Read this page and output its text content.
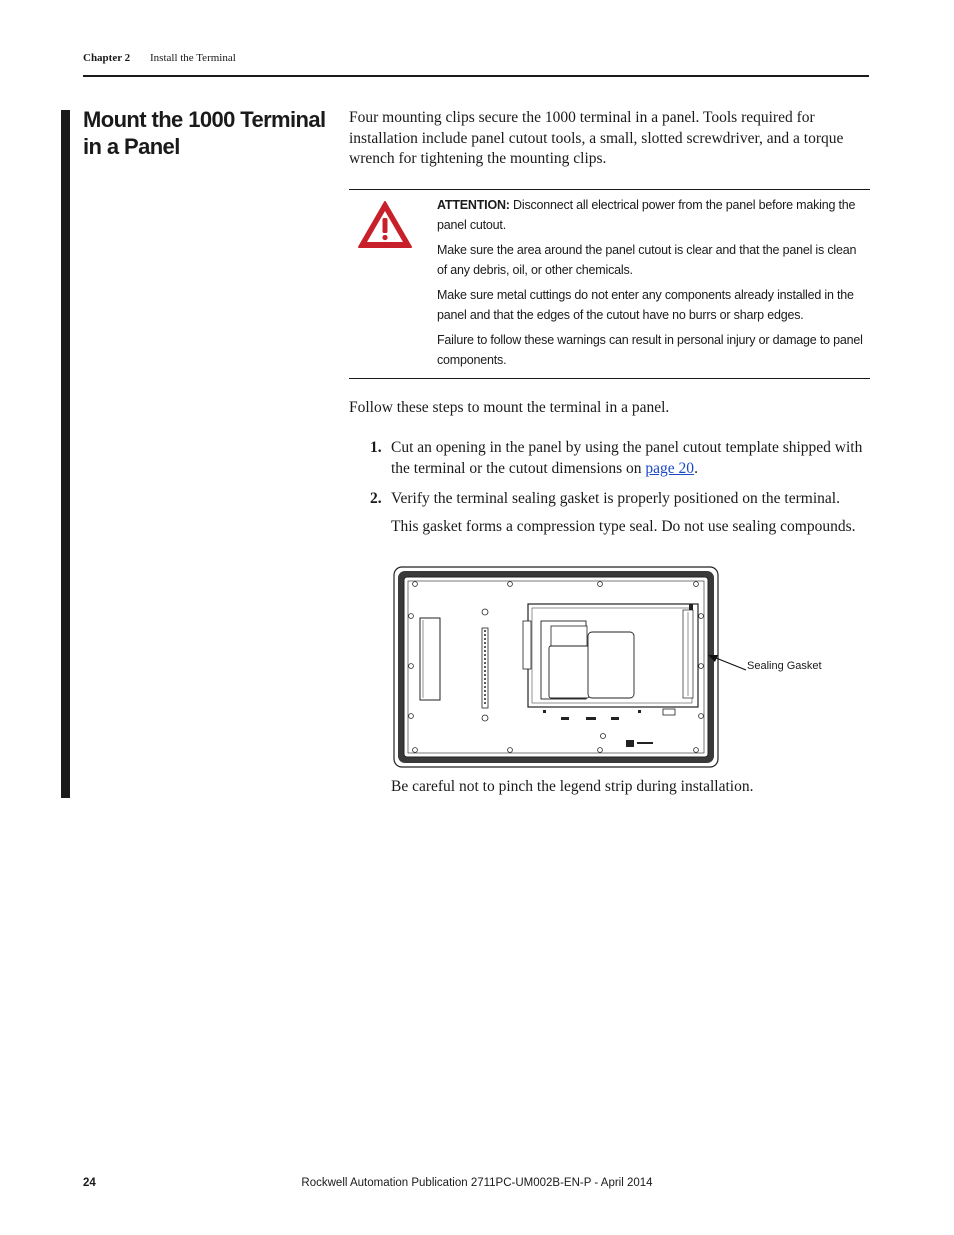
Chapter 2 Install the Terminal
Mount the 1000 Terminal in a Panel

Four mounting clips secure the 1000 terminal in a panel. Tools required for installation include panel cutout tools, a small, slotted screwdriver, and a torque wrench for tightening the mounting clips.

ATTENTION: Disconnect all electrical power from the panel before making the panel cutout.

Make sure the area around the panel cutout is clear and that the panel is clean of any debris, oil, or other chemicals.

Make sure metal cuttings do not enter any components already installed in the panel and that the edges of the cutout have no burrs or sharp edges.

Failure to follow these warnings can result in personal injury or damage to panel components.

Follow these steps to mount the terminal in a panel.

1. Cut an opening in the panel by using the panel cutout template shipped with the terminal or the cutout dimensions on page 20.
2. Verify the terminal sealing gasket is properly positioned on the terminal.

This gasket forms a compression type seal. Do not use sealing compounds.

Sealing Gasket

Be careful not to pinch the legend strip during installation.

24	Rockwell Automation Publication 2711PC-UM002B-EN-P - April 2014
